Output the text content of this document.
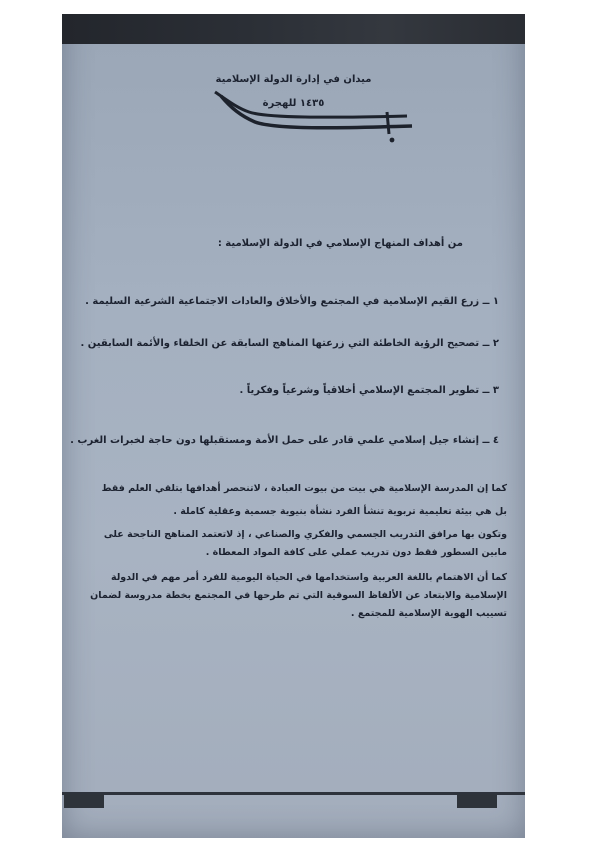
ميدان في إدارة الدولة الإسلامية
١٤٣٥ للهجرة
من أهداف المنهاج الإسلامي في الدولة الإسلامية :
١ ــ زرع القيم الإسلامية في المجتمع والأخلاق والعادات الاجتماعية الشرعية السليمة .
٢ ــ تصحيح الرؤية الخاطئة التي زرعتها المناهج السابقة عن الخلفاء والأئمة السابقين .
٣ ــ تطوير المجتمع الإسلامي أخلاقياً وشرعياً وفكرياً .
٤ ــ إنشاء جيل إسلامي علمي قادر على حمل الأمة ومستقبلها دون حاجة لخبرات الغرب .
كما إن المدرسة الإسلامية هي بيت من بيوت العبادة ، لاتنحصر أهدافها بتلقي العلم فقط
بل هي بيئة تعليمية تربوية تنشأ الفرد نشأة بنيوية جسمية وعقلية كاملة .
وتكون بها مرافق التدريب الجسمي والفكري والصناعي ، إذ لاتعتمد المناهج الناجحة على
مابين السطور فقط دون تدريب عملي على كافة المواد المعطاة .
كما أن الاهتمام باللغة العربية واستخدامها في الحياة اليومية للفرد أمر مهم في الدولة
الإسلامية والابتعاد عن الألفاظ السوقية التي تم طرحها في المجتمع بخطة مدروسة لضمان
تسييب الهوية الإسلامية للمجتمع .
